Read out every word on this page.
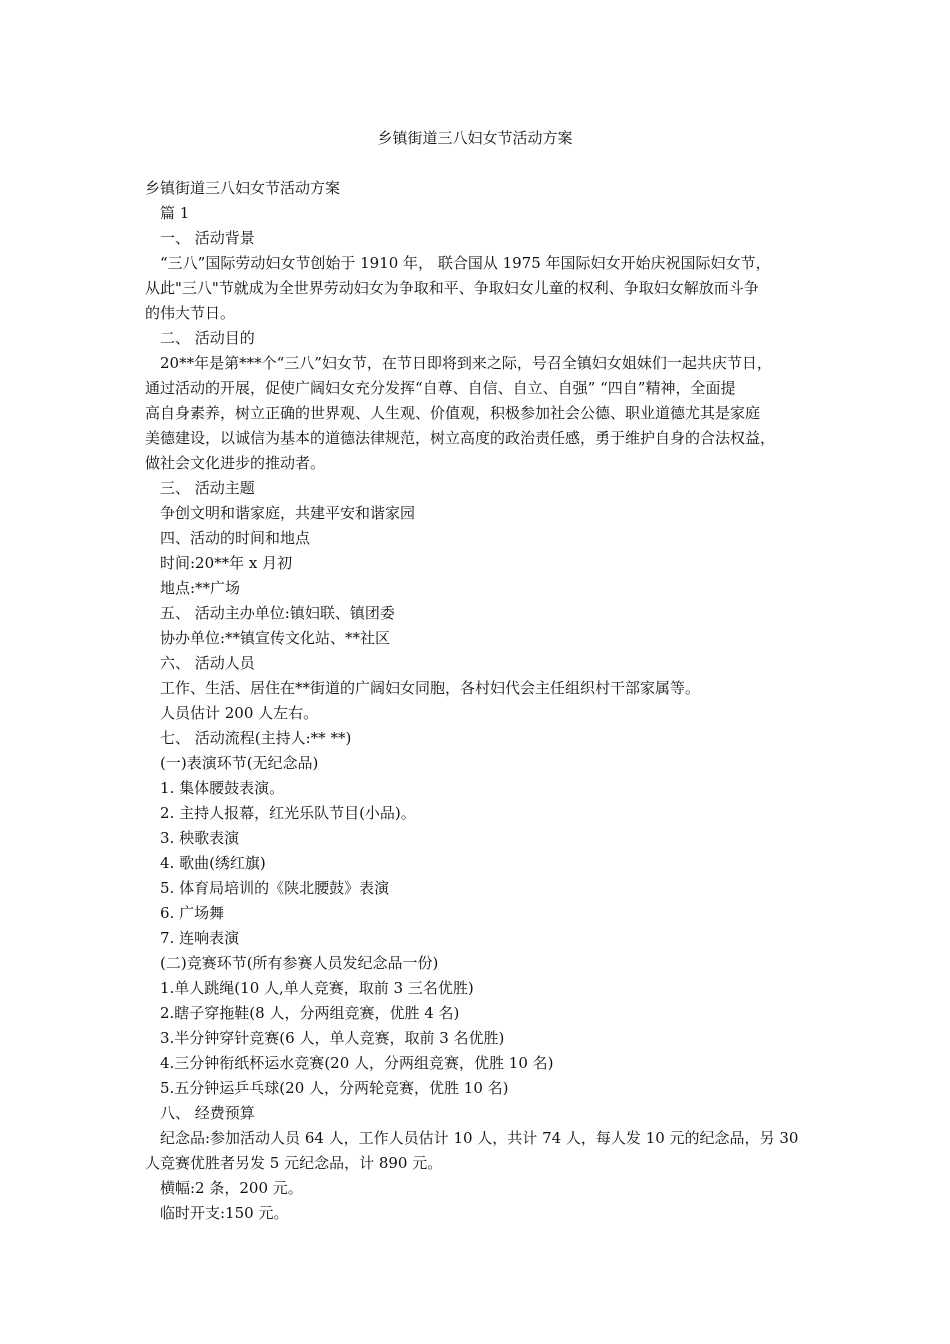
乡镇街道三八妇女节活动方案
乡镇街道三八妇女节活动方案
篇 1
一、 活动背景
“三八”国际劳动妇女节创始于 1910 年， 联合国从 1975 年国际妇女开始庆祝国际妇女节，
从此"三八"节就成为全世界劳动妇女为争取和平、争取妇女儿童的权利、争取妇女解放而斗争
的伟大节日。
二、 活动目的
20**年是第***个“三八”妇女节，在节日即将到来之际，号召全镇妇女姐妹们一起共庆节日，
通过活动的开展，促使广阔妇女充分发挥“自尊、自信、自立、自强” “四自”精神，全面提
高自身素养，树立正确的世界观、人生观、价值观，积极参加社会公德、职业道德尤其是家庭
美德建设，以诚信为基本的道德法律规范，树立高度的政治责任感，勇于维护自身的合法权益，
做社会文化进步的推动者。
三、 活动主题
争创文明和谐家庭，共建平安和谐家园
四、活动的时间和地点
时间:20**年 x 月初
地点:**广场
五、 活动主办单位:镇妇联、镇团委
协办单位:**镇宣传文化站、**社区
六、 活动人员
工作、生活、居住在**街道的广阔妇女同胞，各村妇代会主任组织村干部家属等。
人员估计 200 人左右。
七、 活动流程(主持人:** **)
(一)表演环节(无纪念品)
1. 集体腰鼓表演。
2. 主持人报幕，红光乐队节目(小品)。
3. 秧歌表演
4. 歌曲(绣红旗)
5. 体育局培训的《陕北腰鼓》表演
6. 广场舞
7. 连响表演
(二)竞赛环节(所有参赛人员发纪念品一份)
1.单人跳绳(10 人,单人竞赛，取前 3 三名优胜)
2.瞎子穿拖鞋(8 人，分两组竞赛，优胜 4 名)
3.半分钟穿针竞赛(6 人，单人竞赛，取前 3 名优胜)
4.三分钟衔纸杯运水竞赛(20 人，分两组竞赛，优胜 10 名)
5.五分钟运乒乓球(20 人，分两轮竞赛，优胜 10 名)
八、 经费预算
纪念品:参加活动人员 64 人，工作人员估计 10 人，共计 74 人，每人发 10 元的纪念品，另 30
人竞赛优胜者另发 5 元纪念品，计 890 元。
横幅:2 条，200 元。
临时开支:150 元。
